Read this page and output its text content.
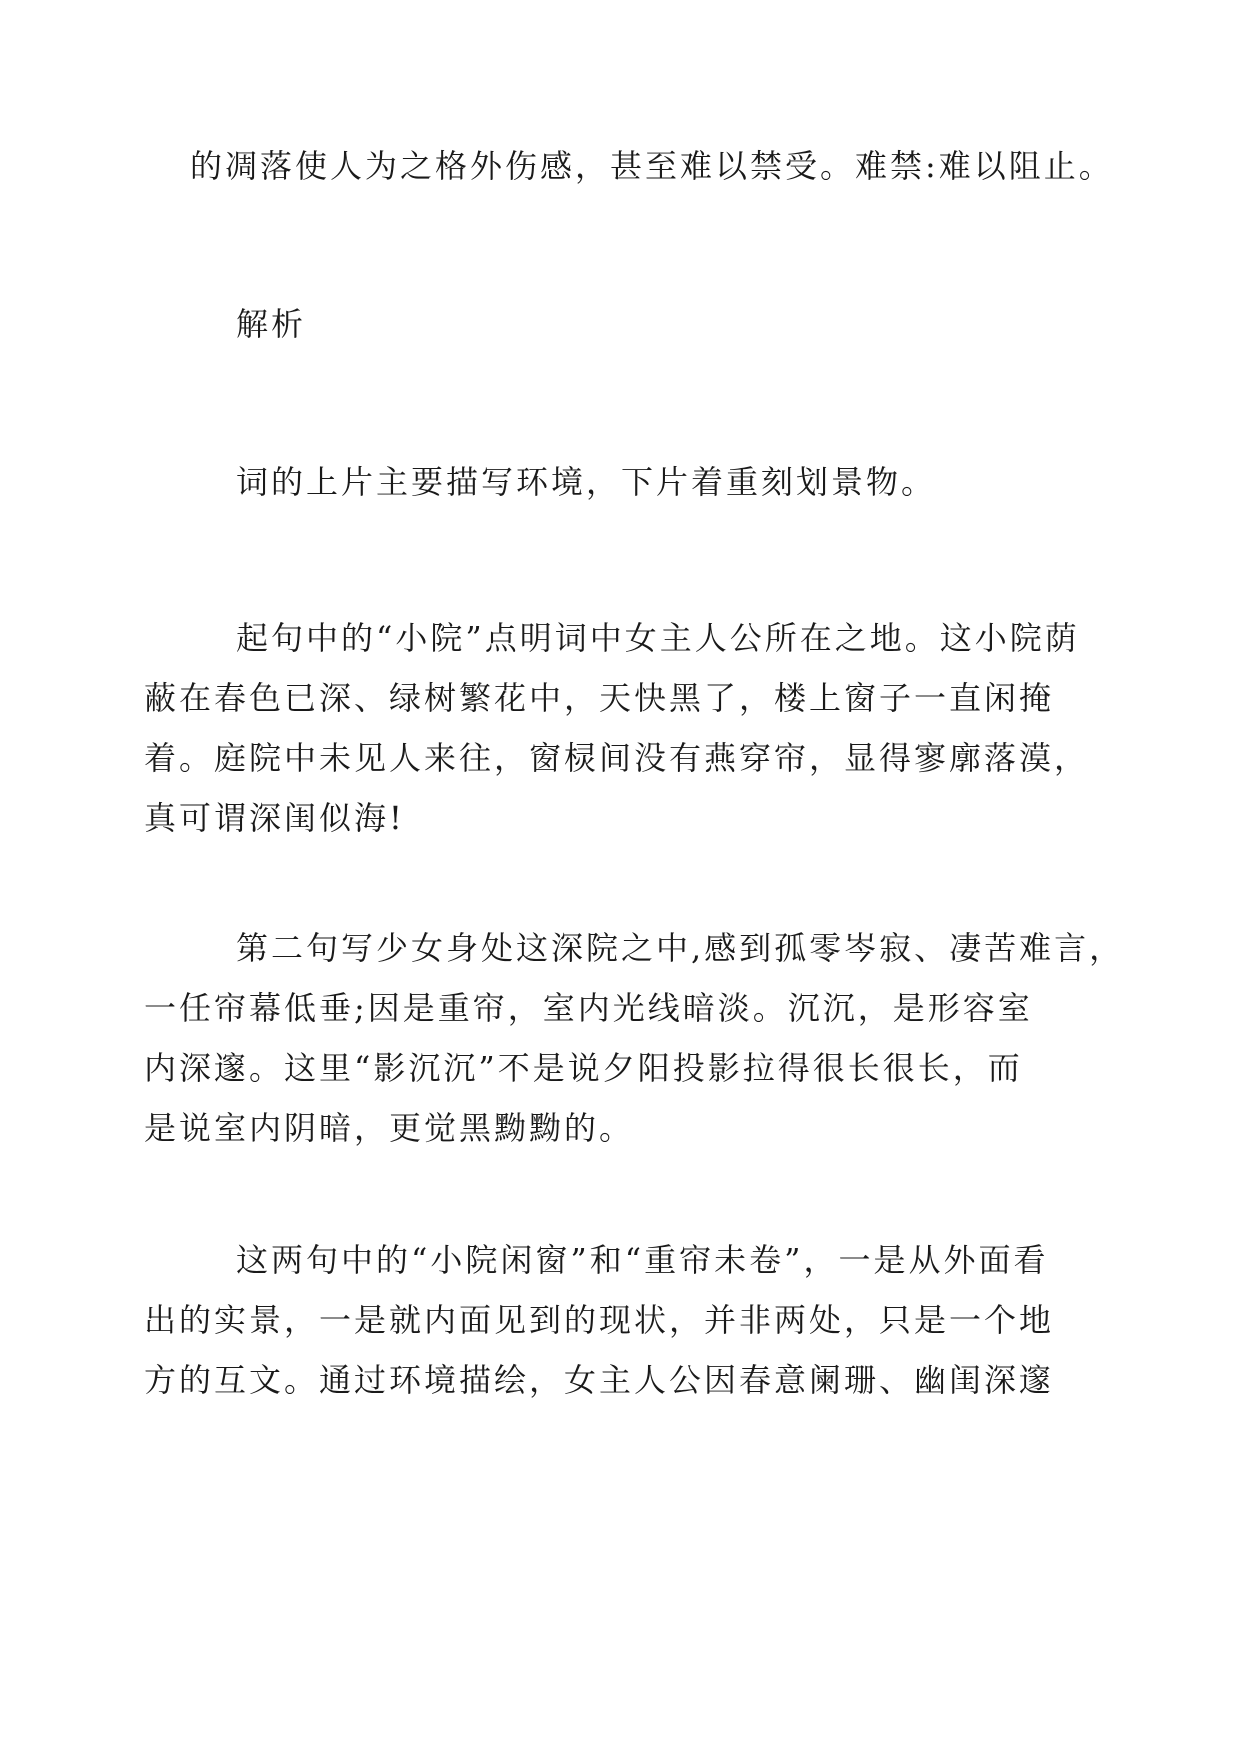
的凋落使人为之格外伤感，甚至难以禁受。难禁:难以阻止。

解析

词的上片主要描写环境，下片着重刻划景物。

起句中的“小院”点明词中女主人公所在之地。这小院荫
蔽在春色已深、绿树繁花中，天快黑了，楼上窗子一直闲掩
着。庭院中未见人来往，窗棂间没有燕穿帘，显得寥廓落漠，
真可谓深闺似海!

第二句写少女身处这深院之中,感到孤零岑寂、凄苦难言，
一任帘幕低垂;因是重帘，室内光线暗淡。沉沉，是形容室
内深邃。这里“影沉沉”不是说夕阳投影拉得很长很长，而
是说室内阴暗，更觉黑黝黝的。

这两句中的“小院闲窗”和“重帘未卷”，一是从外面看
出的实景，一是就内面见到的现状，并非两处，只是一个地
方的互文。通过环境描绘，女主人公因春意阑珊、幽闺深邃
